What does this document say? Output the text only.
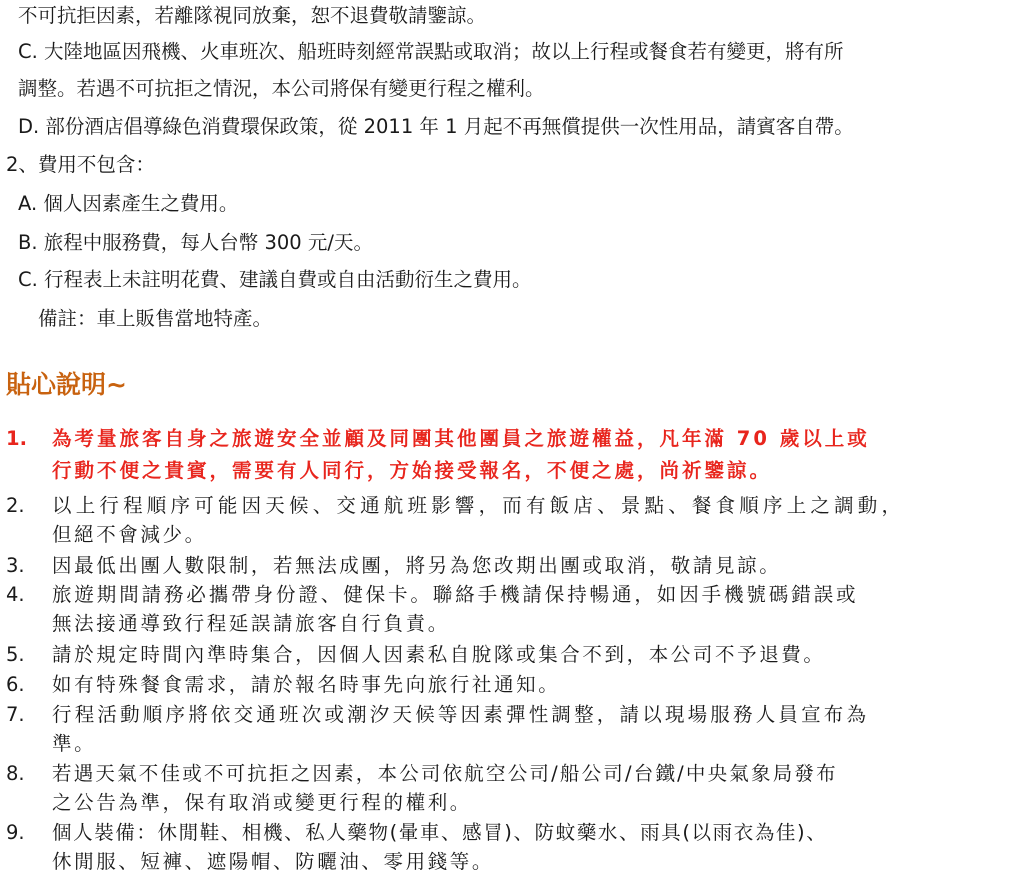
不可抗拒因素，若離隊視同放棄，恕不退費敬請鑒諒。
C. 大陸地區因飛機、火車班次、船班時刻經常誤點或取消；故以上行程或餐食若有變更，將有所
調整。若遇不可抗拒之情況，本公司將保有變更行程之權利。
D. 部份酒店倡導綠色消費環保政策，從 2011 年 1 月起不再無償提供一次性用品，請賓客自帶。
2、費用不包含：
A. 個人因素產生之費用。
B. 旅程中服務費，每人台幣 300 元/天。
C. 行程表上未註明花費、建議自費或自由活動衍生之費用。
備註：車上販售當地特產。
貼心說明~
1. 為考量旅客自身之旅遊安全並顧及同團其他團員之旅遊權益，凡年滿 70 歲以上或
行動不便之貴賓，需要有人同行，方始接受報名，不便之處，尚祈鑒諒。
2. 以上行程順序可能因天候、交通航班影響，而有飯店、景點、餐食順序上之調動，
但絕不會減少。
3. 因最低出團人數限制，若無法成團，將另為您改期出團或取消，敬請見諒。
4. 旅遊期間請務必攜帶身份證、健保卡。聯絡手機請保持暢通，如因手機號碼錯誤或
無法接通導致行程延誤請旅客自行負責。
5. 請於規定時間內準時集合，因個人因素私自脫隊或集合不到，本公司不予退費。
6. 如有特殊餐食需求，請於報名時事先向旅行社通知。
7. 行程活動順序將依交通班次或潮汐天候等因素彈性調整，請以現場服務人員宣布為
準。
8. 若遇天氣不佳或不可抗拒之因素，本公司依航空公司/船公司/台鐵/中央氣象局發布
之公告為準，保有取消或變更行程的權利。
9. 個人裝備：休閒鞋、相機、私人藥物(暈車、感冒)、防蚊藥水、雨具(以雨衣為佳)、
休閒服、短褲、遮陽帽、防曬油、零用錢等。
